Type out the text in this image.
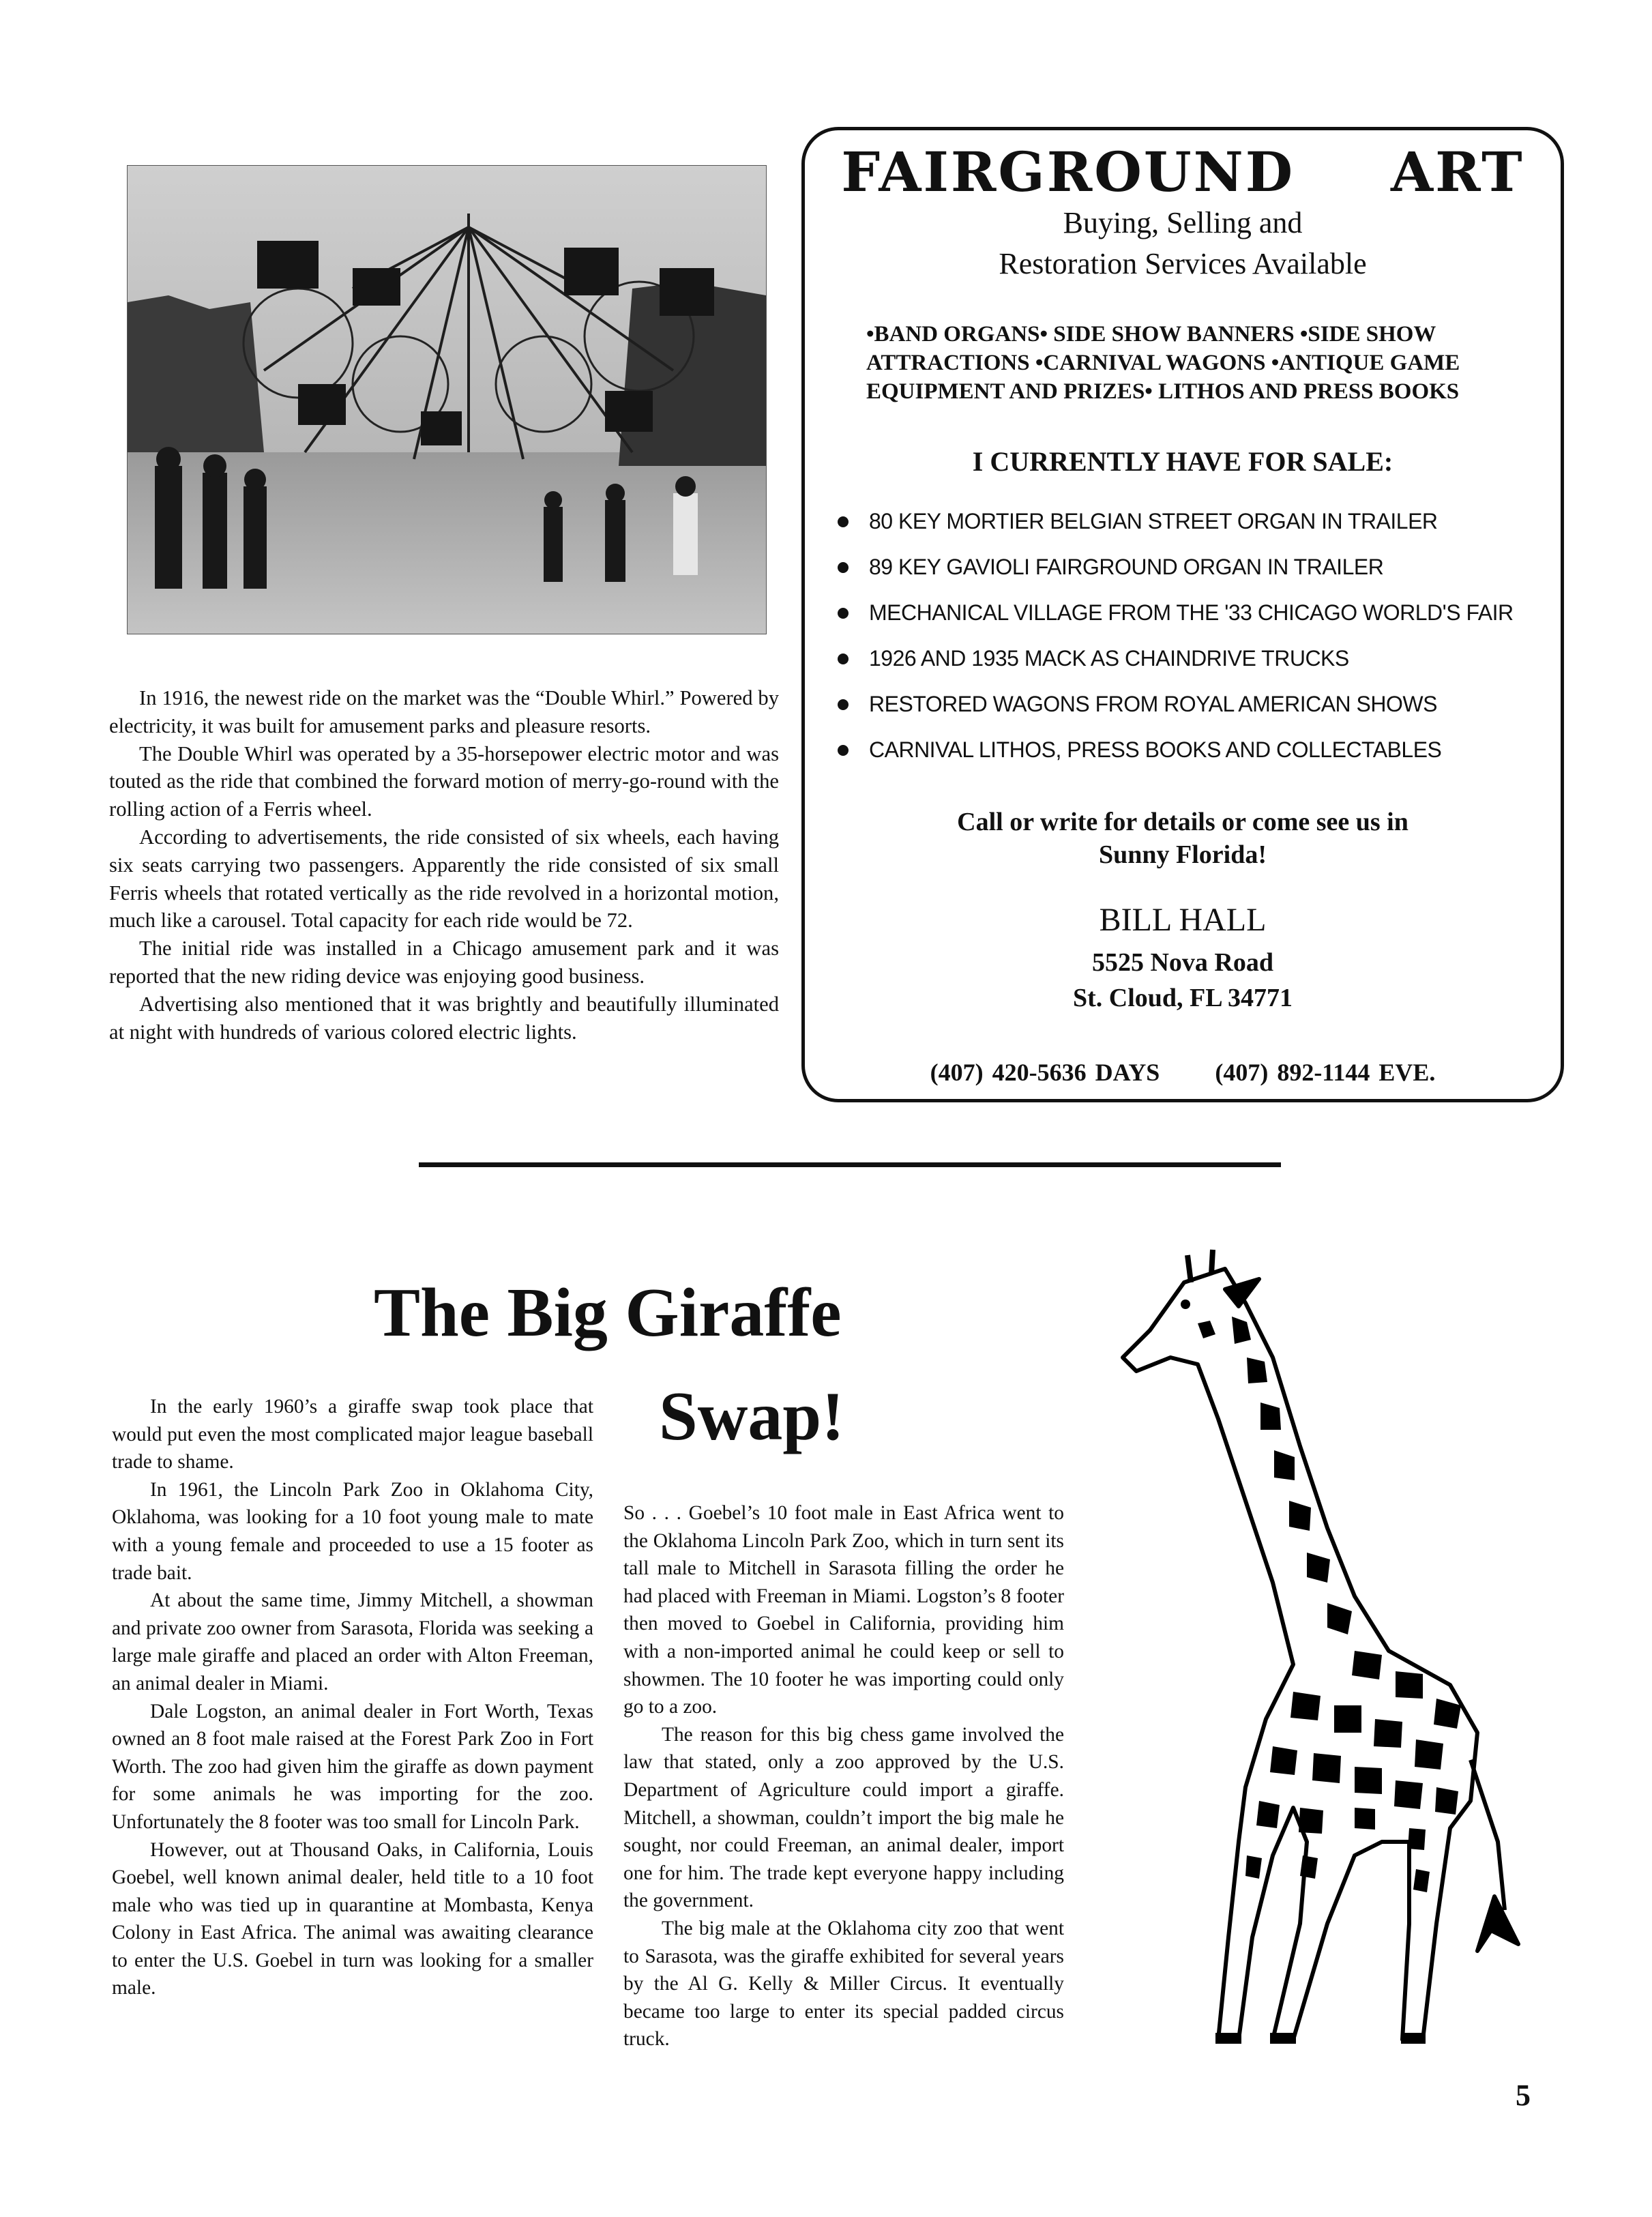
In 1916, the newest ride on the market was the “Double Whirl.” Powered by electricity, it was built for amusement parks and pleasure resorts.

The Double Whirl was operated by a 35-horsepower electric motor and was touted as the ride that combined the forward motion of merry-go-round with the rolling action of a Ferris wheel.

According to advertisements, the ride consisted of six wheels, each having six seats carrying two passengers. Apparently the ride consisted of six small Ferris wheels that rotated vertically as the ride revolved in a horizontal motion, much like a carousel. Total capacity for each ride would be 72.

The initial ride was installed in a Chicago amusement park and it was reported that the new riding device was enjoying good business.

Advertising also mentioned that it was brightly and beautifully illuminated at night with hundreds of various colored electric lights.

FAIRGROUND ART
Buying, Selling and
Restoration Services Available
•BAND ORGANS• SIDE SHOW BANNERS •SIDE SHOW ATTRACTIONS •CARNIVAL WAGONS •ANTIQUE GAME EQUIPMENT AND PRIZES• LITHOS AND PRESS BOOKS
I CURRENTLY HAVE FOR SALE:
80 KEY MORTIER BELGIAN STREET ORGAN IN TRAILER
89 KEY GAVIOLI FAIRGROUND ORGAN IN TRAILER
MECHANICAL VILLAGE FROM THE '33 CHICAGO WORLD'S FAIR
1926 AND 1935 MACK AS CHAINDRIVE TRUCKS
RESTORED WAGONS FROM ROYAL AMERICAN SHOWS
CARNIVAL LITHOS, PRESS BOOKS AND COLLECTABLES
Call or write for details or come see us in
Sunny Florida!
BILL HALL
5525 Nova Road
St. Cloud, FL 34771
(407) 420-5636 DAYS (407) 892-1144 EVE.
The Big Giraffe
Swap!

In the early 1960’s a giraffe swap took place that would put even the most complicated major league baseball trade to shame.

In 1961, the Lincoln Park Zoo in Oklahoma City, Oklahoma, was looking for a 10 foot young male to mate with a young female and proceeded to use a 15 footer as trade bait.

At about the same time, Jimmy Mitchell, a showman and private zoo owner from Sarasota, Florida was seeking a large male giraffe and placed an order with Alton Freeman, an animal dealer in Miami.

Dale Logston, an animal dealer in Fort Worth, Texas owned an 8 foot male raised at the Forest Park Zoo in Fort Worth. The zoo had given him the giraffe as down payment for some animals he was importing for the zoo. Unfortunately the 8 footer was too small for Lincoln Park.

However, out at Thousand Oaks, in California, Louis Goebel, well known animal dealer, held title to a 10 foot male who was tied up in quarantine at Mombasta, Kenya Colony in East Africa. The animal was awaiting clearance to enter the U.S. Goebel in turn was looking for a smaller male.

So . . . Goebel’s 10 foot male in East Africa went to the Oklahoma Lincoln Park Zoo, which in turn sent its tall male to Mitchell in Sarasota filling the order he had placed with Freeman in Miami. Logston’s 8 footer then moved to Goebel in California, providing him with a non-imported animal he could keep or sell to showmen. The 10 footer he was importing could only go to a zoo.

The reason for this big chess game involved the law that stated, only a zoo approved by the U.S. Department of Agriculture could import a giraffe. Mitchell, a showman, couldn’t import the big male he sought, nor could Freeman, an animal dealer, import one for him. The trade kept everyone happy including the government.

The big male at the Oklahoma city zoo that went to Sarasota, was the giraffe exhibited for several years by the Al G. Kelly & Miller Circus. It eventually became too large to enter its special padded circus truck.

5
